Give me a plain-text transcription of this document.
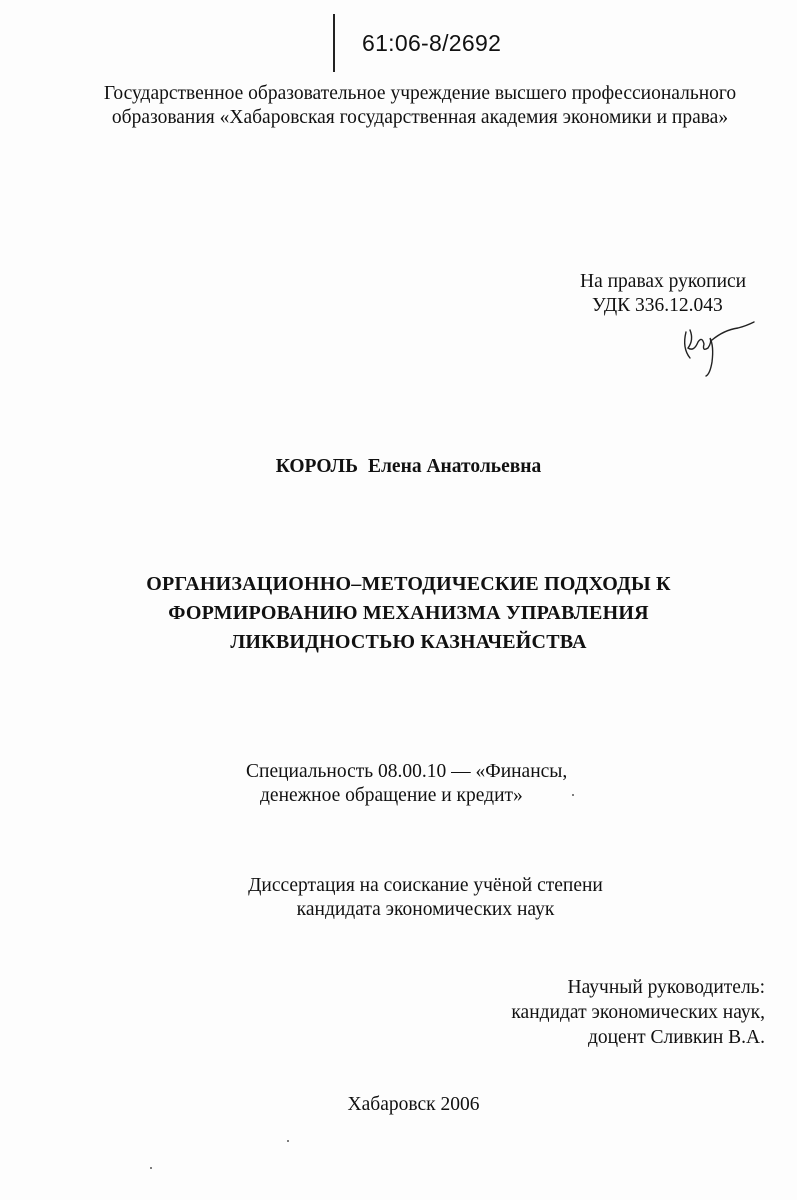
61:06-8/2692
Государственное образовательное учреждение высшего профессионального
образования «Хабаровская государственная академия экономики и права»
На правах рукописи
УДК 336.12.043
КОРОЛЬ Елена Анатольевна
ОРГАНИЗАЦИОННО–МЕТОДИЧЕСКИЕ ПОДХОДЫ К
ФОРМИРОВАНИЮ МЕХАНИЗМА УПРАВЛЕНИЯ
ЛИКВИДНОСТЬЮ КАЗНАЧЕЙСТВА
Специальность 08.00.10 — «Финансы,
денежное обращение и кредит»
Диссертация на соискание учёной степени
кандидата экономических наук
Научный руководитель:
кандидат экономических наук,
доцент Сливкин В.А.
Хабаровск 2006
